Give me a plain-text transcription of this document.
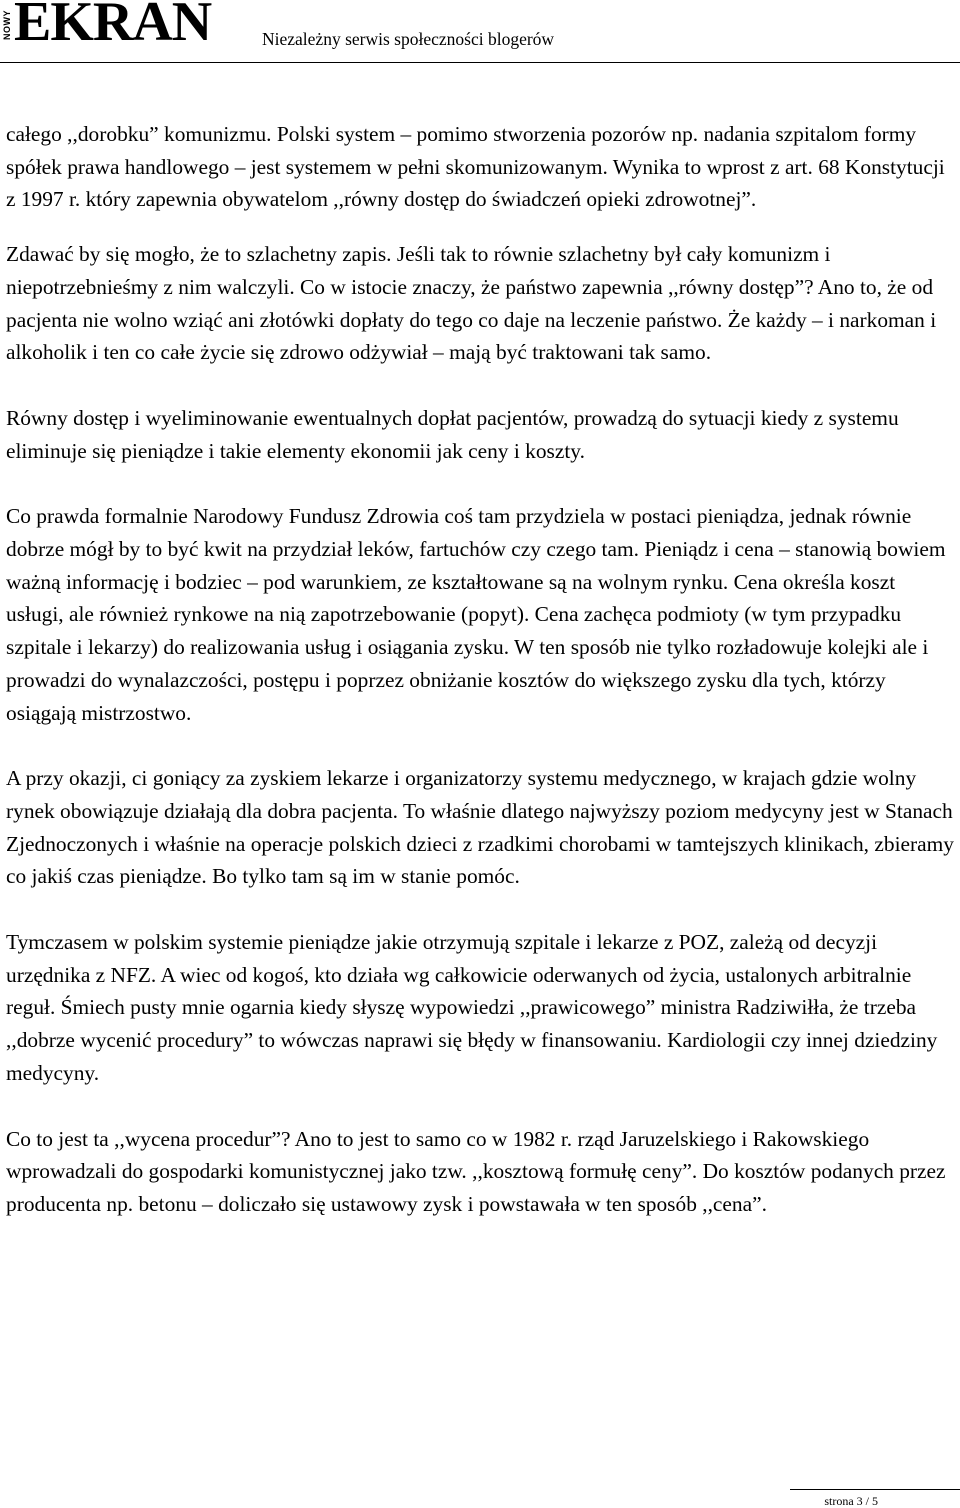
NOWY EKRAN	Niezależny serwis społeczności blogerów

całego ,,dorobku” komunizmu. Polski system – pomimo stworzenia pozorów np. nadania szpitalom formy spółek prawa handlowego – jest systemem w pełni skomunizowanym. Wynika to wprost z art. 68 Konstytucji z 1997 r. który zapewnia obywatelom ,,równy dostęp do świadczeń opieki zdrowotnej”.

Zdawać by się mogło, że to szlachetny zapis. Jeśli tak to równie szlachetny był cały komunizm i niepotrzebnieśmy z nim walczyli. Co w istocie znaczy, że państwo zapewnia ,,równy dostęp”? Ano to, że od pacjenta nie wolno wziąć ani złotówki dopłaty do tego co daje na leczenie państwo. Że każdy – i narkoman i alkoholik i ten co całe życie się zdrowo odżywiał – mają być traktowani tak samo.

Równy dostęp i wyeliminowanie ewentualnych dopłat pacjentów, prowadzą do sytuacji kiedy z systemu eliminuje się pieniądze i takie elementy ekonomii jak ceny i koszty.

Co prawda formalnie Narodowy Fundusz Zdrowia coś tam przydziela w postaci pieniądza, jednak równie dobrze mógł by to być kwit na przydział leków, fartuchów czy czego tam. Pieniądz i cena – stanowią bowiem ważną informację i bodziec – pod warunkiem, ze kształtowane są na wolnym rynku. Cena określa koszt usługi, ale również rynkowe na nią zapotrzebowanie (popyt). Cena zachęca podmioty (w tym przypadku szpitale i lekarzy) do realizowania usług i osiągania zysku. W ten sposób nie tylko rozładowuje kolejki ale i prowadzi do wynalazczości, postępu i poprzez obniżanie kosztów do większego zysku dla tych, którzy osiągają mistrzostwo.

A przy okazji, ci goniący za zyskiem lekarze i organizatorzy systemu medycznego, w krajach gdzie wolny rynek obowiązuje działają dla dobra pacjenta. To właśnie dlatego najwyższy poziom medycyny jest w Stanach Zjednoczonych i właśnie na operacje polskich dzieci z rzadkimi chorobami w tamtejszych klinikach, zbieramy co jakiś czas pieniądze. Bo tylko tam są im w stanie pomóc.

Tymczasem w polskim systemie pieniądze jakie otrzymują szpitale i lekarze z POZ, zależą od decyzji urzędnika z NFZ. A wiec od kogoś, kto działa wg całkowicie oderwanych od życia, ustalonych arbitralnie reguł. Śmiech pusty mnie ogarnia kiedy słyszę wypowiedzi ,,prawicowego” ministra Radziwiłła, że trzeba ,,dobrze wycenić procedury” to wówczas naprawi się błędy w finansowaniu. Kardiologii czy innej dziedziny medycyny.

Co to jest ta ,,wycena procedur”? Ano to jest to samo co w 1982 r. rząd Jaruzelskiego i Rakowskiego wprowadzali do gospodarki komunistycznej jako tzw. ,,kosztową formułę ceny”. Do kosztów podanych przez producenta np. betonu – doliczało się ustawowy zysk i powstawała w ten sposób ,,cena”.

strona 3 / 5
